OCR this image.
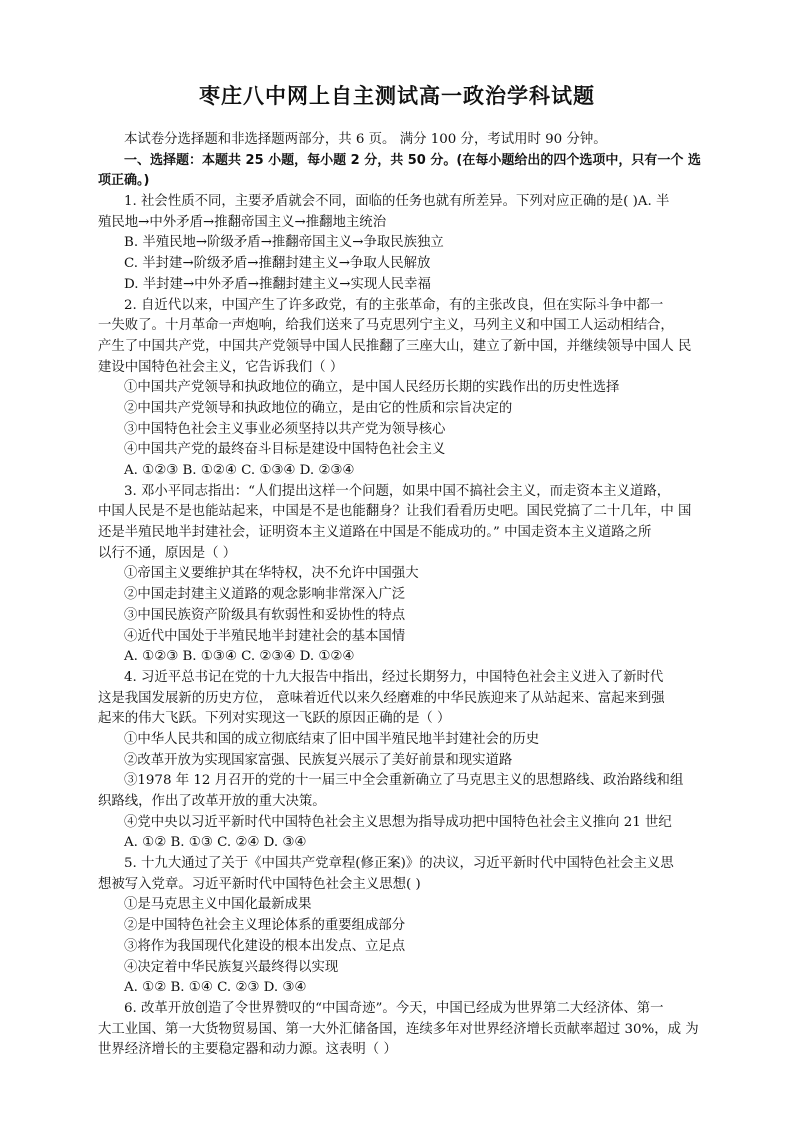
枣庄八中网上自主测试高一政治学科试题
本试卷分选择题和非选择题两部分，共 6 页。 满分 100 分，考试用时 90 分钟。
一、选择题：本题共 25 小题，每小题 2 分，共 50 分。(在每小题给出的四个选项中，只有一个 选
项正确。)
1. 社会性质不同，主要矛盾就会不同，面临的任务也就有所差异。下列对应正确的是( )A. 半
殖民地→中外矛盾→推翻帝国主义→推翻地主统治
B. 半殖民地→阶级矛盾→推翻帝国主义→争取民族独立
C. 半封建→阶级矛盾→推翻封建主义→争取人民解放
D. 半封建→中外矛盾→推翻封建主义→实现人民幸福
2. 自近代以来，中国产生了许多政党，有的主张革命，有的主张改良，但在实际斗争中都一
一失败了。十月革命一声炮响，给我们送来了马克思列宁主义，马列主义和中国工人运动相结合，
产生了中国共产党，中国共产党领导中国人民推翻了三座大山，建立了新中国，并继续领导中国人 民
建设中国特色社会主义，它告诉我们（ ）
①中国共产党领导和执政地位的确立，是中国人民经历长期的实践作出的历史性选择
②中国共产党领导和执政地位的确立，是由它的性质和宗旨决定的
③中国特色社会主义事业必须坚持以共产党为领导核心
④中国共产党的最终奋斗目标是建设中国特色社会主义
A. ①②③ B. ①②④ C. ①③④ D. ②③④
3. 邓小平同志指出：“人们提出这样一个问题，如果中国不搞社会主义，而走资本主义道路，
中国人民是不是也能站起来，中国是不是也能翻身？让我们看看历史吧。国民党搞了二十几年，中 国
还是半殖民地半封建社会，证明资本主义道路在中国是不能成功的。” 中国走资本主义道路之所
以行不通，原因是（ ）
①帝国主义要维护其在华特权，决不允许中国强大
②中国走封建主义道路的观念影响非常深入广泛
③中国民族资产阶级具有软弱性和妥协性的特点
④近代中国处于半殖民地半封建社会的基本国情
A. ①②③ B. ①③④ C. ②③④ D. ①②④
4. 习近平总书记在党的十九大报告中指出，经过长期努力，中国特色社会主义进入了新时代
这是我国发展新的历史方位， 意味着近代以来久经磨难的中华民族迎来了从站起来、富起来到强
起来的伟大飞跃。下列对实现这一飞跃的原因正确的是（ ）
①中华人民共和国的成立彻底结束了旧中国半殖民地半封建社会的历史
②改革开放为实现国家富强、民族复兴展示了美好前景和现实道路
③1978 年 12 月召开的党的十一届三中全会重新确立了马克思主义的思想路线、政治路线和组
织路线，作出了改革开放的重大决策。
④党中央以习近平新时代中国特色社会主义思想为指导成功把中国特色社会主义推向 21 世纪
A. ①② B. ①③ C. ②④ D. ③④
5. 十九大通过了关于《中国共产党章程(修正案)》的决议，习近平新时代中国特色社会主义思
想被写入党章。习近平新时代中国特色社会主义思想( )
①是马克思主义中国化最新成果
②是中国特色社会主义理论体系的重要组成部分
③将作为我国现代化建设的根本出发点、立足点
④决定着中华民族复兴最终得以实现
A. ①② B. ①④ C. ②③ D. ③④
6. 改革开放创造了令世界赞叹的“中国奇迹”。今天，中国已经成为世界第二大经济体、第一
大工业国、第一大货物贸易国、第一大外汇储备国，连续多年对世界经济增长贡献率超过 30%，成 为
世界经济增长的主要稳定器和动力源。这表明（ ）
